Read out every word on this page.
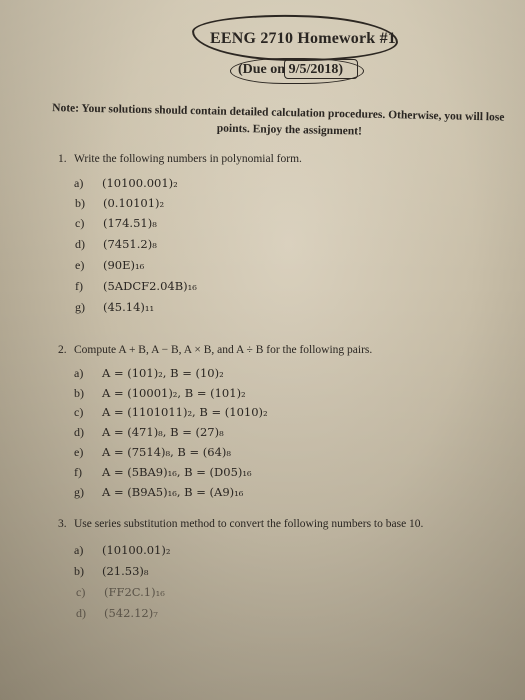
EENG 2710 Homework #1
(Due on 9/5/2018)
Note: Your solutions should contain detailed calculation procedures. Otherwise, you will lose
points. Enjoy the assignment!
1. Write the following numbers in polynomial form.
a) (10100.001)₂
b) (0.10101)₂
c) (174.51)₈
d) (7451.2)₈
e) (90E)₁₆
f) (5ADCF2.04B)₁₆
g) (45.14)₁₁
2. Compute A + B, A − B, A × B, and A ÷ B for the following pairs.
a) A = (101)₂, B = (10)₂
b) A = (10001)₂, B = (101)₂
c) A = (1101011)₂, B = (1010)₂
d) A = (471)₈, B = (27)₈
e) A = (7514)₈, B = (64)₈
f) A = (5BA9)₁₆, B = (D05)₁₆
g) A = (B9A5)₁₆, B = (A9)₁₆
3. Use series substitution method to convert the following numbers to base 10.
a) (10100.01)₂
b) (21.53)₈
c) (FF2C.1)₁₆
d) (542.12)₇
